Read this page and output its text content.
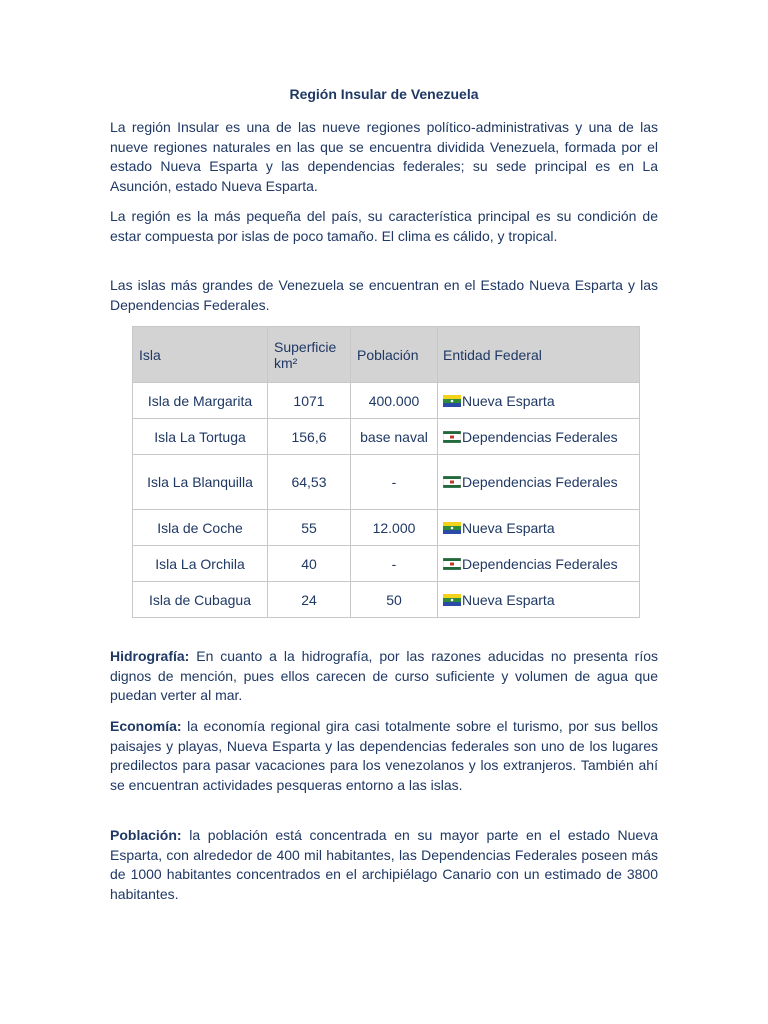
Región Insular de Venezuela

La región Insular es una de las nueve regiones político-administrativas y una de las nueve regiones naturales en las que se encuentra dividida Venezuela, formada por el estado Nueva Esparta y las dependencias federales; su sede principal es en La Asunción, estado Nueva Esparta.

La región es la más pequeña del país, su característica principal es su condición de estar compuesta por islas de poco tamaño. El clima es cálido, y tropical.

Las islas más grandes de Venezuela se encuentran en el Estado Nueva Esparta y las Dependencias Federales.

Isla	Superficie km²	Población	Entidad Federal
Isla de Margarita	1071	400.000	Nueva Esparta
Isla La Tortuga	156,6	base naval	Dependencias Federales
Isla La Blanquilla	64,53	-	Dependencias Federales
Isla de Coche	55	12.000	Nueva Esparta
Isla La Orchila	40	-	Dependencias Federales
Isla de Cubagua	24	50	Nueva Esparta

Hidrografía: En cuanto a la hidrografía, por las razones aducidas no presenta ríos dignos de mención, pues ellos carecen de curso suficiente y volumen de agua que puedan verter al mar.

Economía: la economía regional gira casi totalmente sobre el turismo, por sus bellos paisajes y playas, Nueva Esparta y las dependencias federales son uno de los lugares predilectos para pasar vacaciones para los venezolanos y los extranjeros. También ahí se encuentran actividades pesqueras entorno a las islas.

Población: la población está concentrada en su mayor parte en el estado Nueva Esparta, con alrededor de 400 mil habitantes, las Dependencias Federales poseen más de 1000 habitantes concentrados en el archipiélago Canario con un estimado de 3800 habitantes.
